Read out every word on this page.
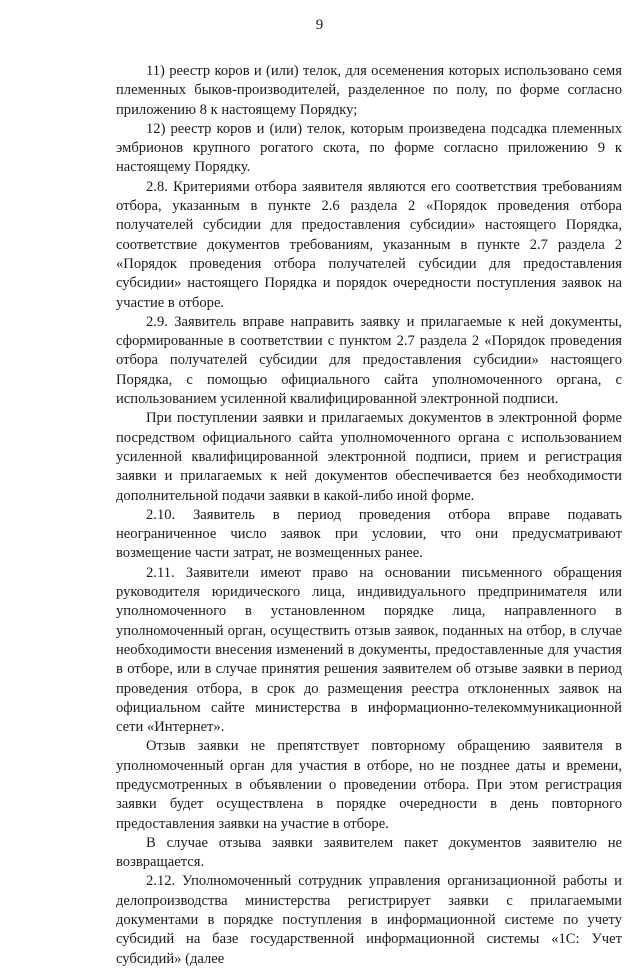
9

11) реестр коров и (или) телок, для осеменения которых использовано семя племенных быков-производителей, разделенное по полу, по форме согласно приложению 8 к настоящему Порядку;

12) реестр коров и (или) телок, которым произведена подсадка племенных эмбрионов крупного рогатого скота, по форме согласно приложению 9 к настоящему Порядку.

2.8. Критериями отбора заявителя являются его соответствия требованиям отбора, указанным в пункте 2.6 раздела 2 «Порядок проведения отбора получателей субсидии для предоставления субсидии» настоящего Порядка, соответствие документов требованиям, указанным в пункте 2.7 раздела 2 «Порядок проведения отбора получателей субсидии для предоставления субсидии» настоящего Порядка и порядок очередности поступления заявок на участие в отборе.

2.9. Заявитель вправе направить заявку и прилагаемые к ней документы, сформированные в соответствии с пунктом 2.7 раздела 2 «Порядок проведения отбора получателей субсидии для предоставления субсидии» настоящего Порядка, с помощью официального сайта уполномоченного органа, с использованием усиленной квалифицированной электронной подписи.

При поступлении заявки и прилагаемых документов в электронной форме посредством официального сайта уполномоченного органа с использованием усиленной квалифицированной электронной подписи, прием и регистрация заявки и прилагаемых к ней документов обеспечивается без необходимости дополнительной подачи заявки в какой-либо иной форме.

2.10. Заявитель в период проведения отбора вправе подавать неограниченное число заявок при условии, что они предусматривают возмещение части затрат, не возмещенных ранее.

2.11. Заявители имеют право на основании письменного обращения руководителя юридического лица, индивидуального предпринимателя или уполномоченного в установленном порядке лица, направленного в уполномоченный орган, осуществить отзыв заявок, поданных на отбор, в случае необходимости внесения изменений в документы, предоставленные для участия в отборе, или в случае принятия решения заявителем об отзыве заявки в период проведения отбора, в срок до размещения реестра отклоненных заявок на официальном сайте министерства в информационно-телекоммуникационной сети «Интернет».

Отзыв заявки не препятствует повторному обращению заявителя в уполномоченный орган для участия в отборе, но не позднее даты и времени, предусмотренных в объявлении о проведении отбора. При этом регистрация заявки будет осуществлена в порядке очередности в день повторного предоставления заявки на участие в отборе.

В случае отзыва заявки заявителем пакет документов заявителю не возвращается.

2.12. Уполномоченный сотрудник управления организационной работы и делопроизводства министерства регистрирует заявки с прилагаемыми документами в порядке поступления в информационной системе по учету субсидий на базе государственной информационной системы «1С: Учет субсидий» (далее
